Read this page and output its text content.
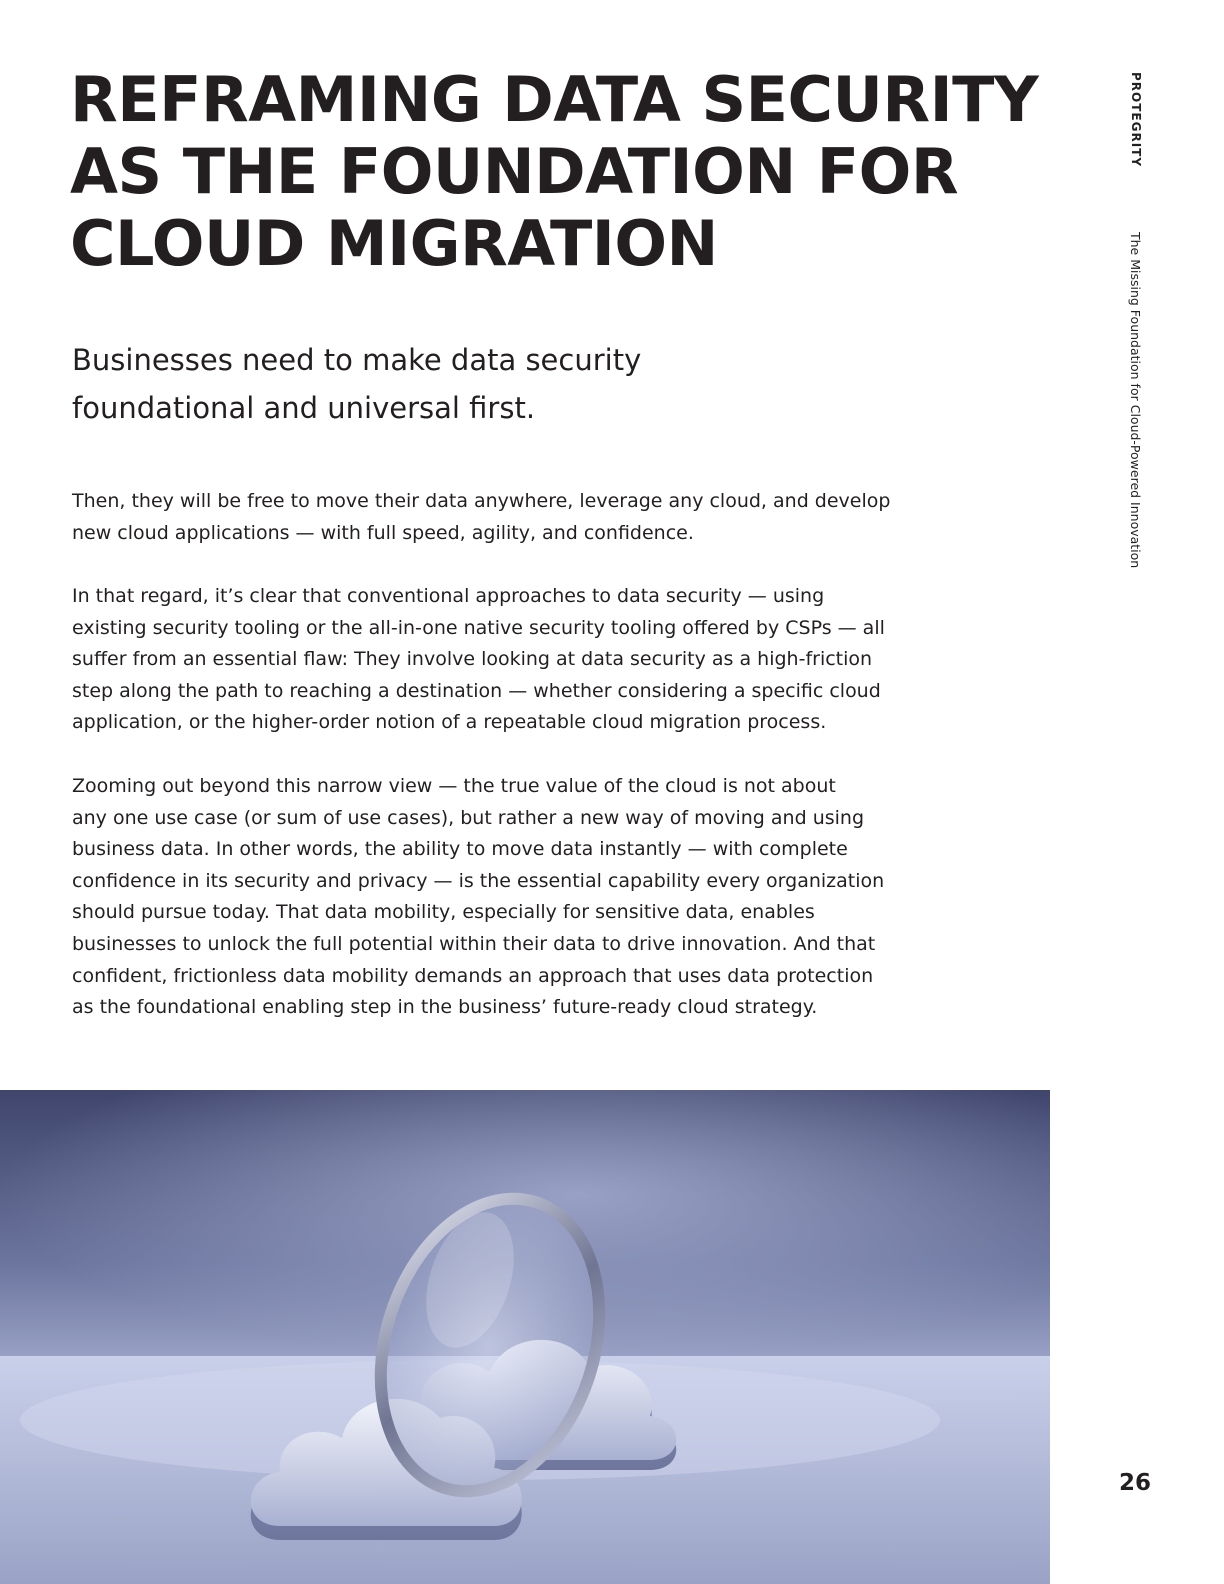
REFRAMING DATA SECURITY
AS THE FOUNDATION FOR
CLOUD MIGRATION
Businesses need to make data security
foundational and universal first.

Then, they will be free to move their data anywhere, leverage any cloud, and develop
new cloud applications — with full speed, agility, and confidence.

In that regard, it’s clear that conventional approaches to data security — using
existing security tooling or the all-in-one native security tooling offered by CSPs — all
suffer from an essential flaw: They involve looking at data security as a high-friction
step along the path to reaching a destination — whether considering a specific cloud
application, or the higher-order notion of a repeatable cloud migration process.

Zooming out beyond this narrow view — the true value of the cloud is not about
any one use case (or sum of use cases), but rather a new way of moving and using
business data. In other words, the ability to move data instantly — with complete
confidence in its security and privacy — is the essential capability every organization
should pursue today. That data mobility, especially for sensitive data, enables
businesses to unlock the full potential within their data to drive innovation. And that
confident, frictionless data mobility demands an approach that uses data protection
as the foundational enabling step in the business’ future-ready cloud strategy.

PROTEGRITY
The Missing Foundation for Cloud-Powered Innovation
26
